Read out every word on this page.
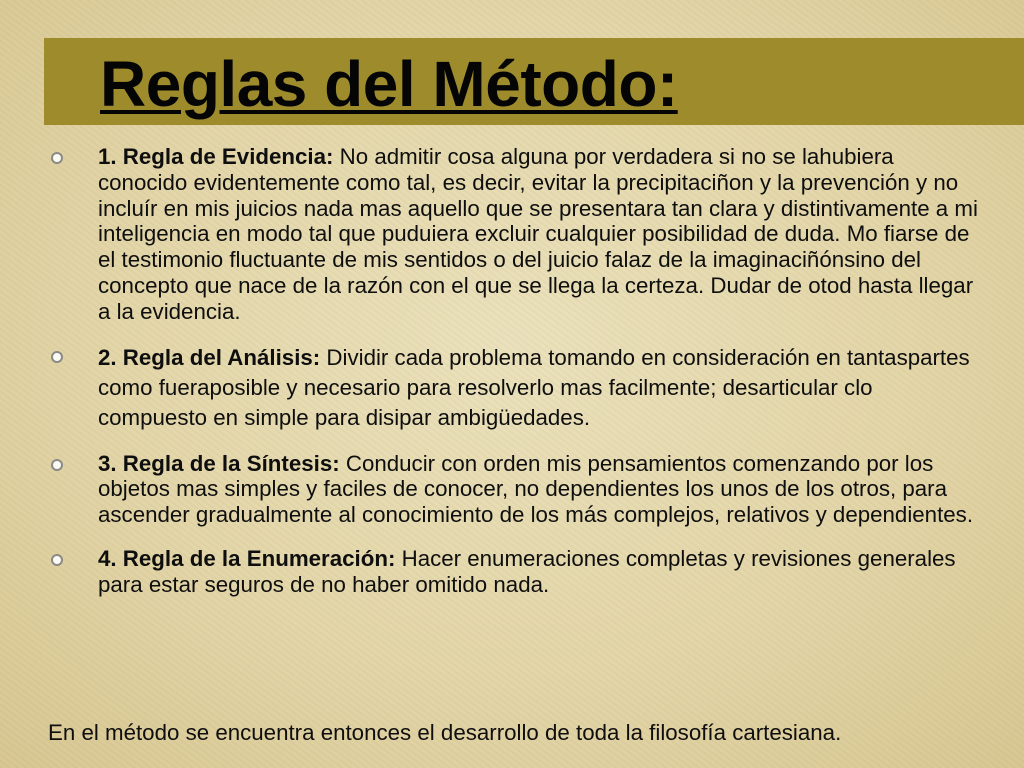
Reglas del Método:
1. Regla de Evidencia: No admitir cosa alguna por verdadera si no se lahubiera conocido evidentemente como tal, es decir, evitar la precipitaciñon y la prevención y no incluír en mis juicios nada mas aquello que se presentara tan clara y distintivamente a mi inteligencia en modo tal que puduiera excluir cualquier posibilidad de duda. Mo fiarse de el testimonio fluctuante de mis sentidos o del juicio falaz de la imaginaciñónsino del concepto que nace de la razón con el que se llega la certeza. Dudar de otod hasta llegar a la evidencia.
2. Regla del Análisis: Dividir cada problema tomando en consideración en tantaspartes como fueraposible y necesario para resolverlo mas facilmente; desarticular clo compuesto en simple para disipar ambigüedades.
3. Regla de la Síntesis: Conducir con orden mis pensamientos comenzando por los objetos mas simples y faciles de conocer, no dependientes los unos de los otros, para ascender gradualmente al conocimiento de los más complejos, relativos y dependientes.
4. Regla de la Enumeración: Hacer enumeraciones completas y revisiones generales para estar seguros de no haber omitido nada.

En el método se encuentra entonces el desarrollo de toda la filosofía cartesiana.
